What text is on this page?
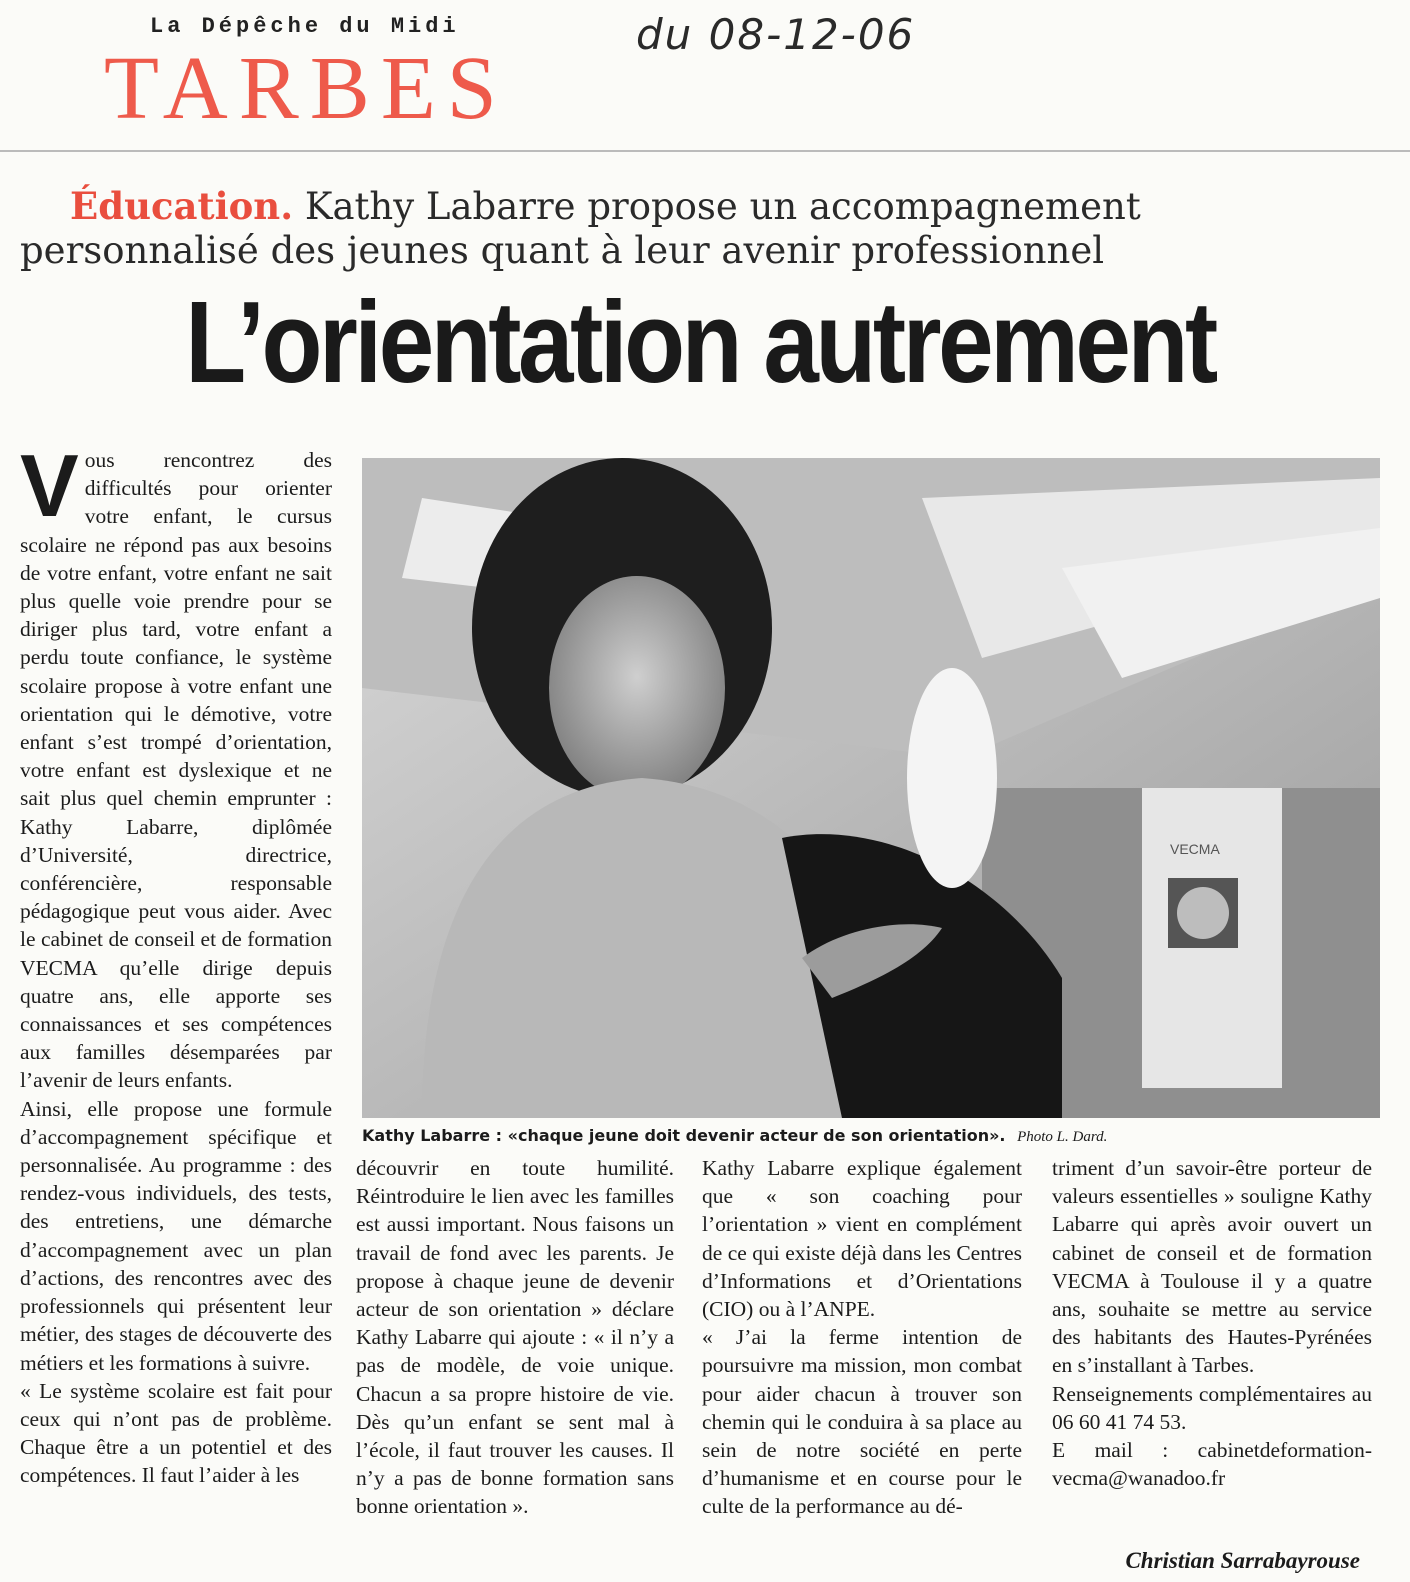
La Dépêche du Midi	du 08-12-06
TARBES
Éducation. Kathy Labarre propose un accompagnement
personnalisé des jeunes quant à leur avenir professionnel
L’orientation autrement

Vous rencontrez des difficultés pour orienter votre enfant, le cursus scolaire ne répond pas aux besoins de votre enfant, votre enfant ne sait plus quelle voie prendre pour se diriger plus tard, votre enfant a perdu toute confiance, le système scolaire propose à votre enfant une orientation qui le démotive, votre enfant s’est trompé d’orientation, votre enfant est dyslexique et ne sait plus quel chemin emprunter : Kathy Labarre, diplômée d’Université, directrice, conférencière, responsable pédagogique peut vous aider. Avec le cabinet de conseil et de formation VECMA qu’elle dirige depuis quatre ans, elle apporte ses connaissances et ses compétences aux familles désemparées par l’avenir de leurs enfants.

Ainsi, elle propose une formule d’accompagnement spécifique et personnalisée. Au programme : des rendez-vous individuels, des tests, des entretiens, une démarche d’accompagnement avec un plan d’actions, des rencontres avec des professionnels qui présentent leur métier, des stages de découverte des métiers et les formations à suivre.

« Le système scolaire est fait pour ceux qui n’ont pas de problème. Chaque être a un potentiel et des compétences. Il faut l’aider à les

VECMA
Kathy Labarre : «chaque jeune doit devenir acteur de son orientation». Photo L. Dard.

découvrir en toute humilité. Réintroduire le lien avec les familles est aussi important. Nous faisons un travail de fond avec les parents. Je propose à chaque jeune de devenir acteur de son orientation » déclare Kathy Labarre qui ajoute : « il n’y a pas de modèle, de voie unique. Chacun a sa propre histoire de vie. Dès qu’un enfant se sent mal à l’école, il faut trouver les causes. Il n’y a pas de bonne formation sans bonne orientation ».

Kathy Labarre explique également que « son coaching pour l’orientation » vient en complément de ce qui existe déjà dans les Centres d’Informations et d’Orientations (CIO) ou à l’ANPE.

« J’ai la ferme intention de poursuivre ma mission, mon combat pour aider chacun à trouver son chemin qui le conduira à sa place au sein de notre société en perte d’humanisme et en course pour le culte de la performance au dé-

triment d’un savoir-être porteur de valeurs essentielles » souligne Kathy Labarre qui après avoir ouvert un cabinet de conseil et de formation VECMA à Toulouse il y a quatre ans, souhaite se mettre au service des habitants des Hautes-Pyrénées en s’installant à Tarbes.

Renseignements complémentaires au 06 60 41 74 53.

E mail : cabinetdeformation-vecma@wanadoo.fr

Christian Sarrabayrouse
